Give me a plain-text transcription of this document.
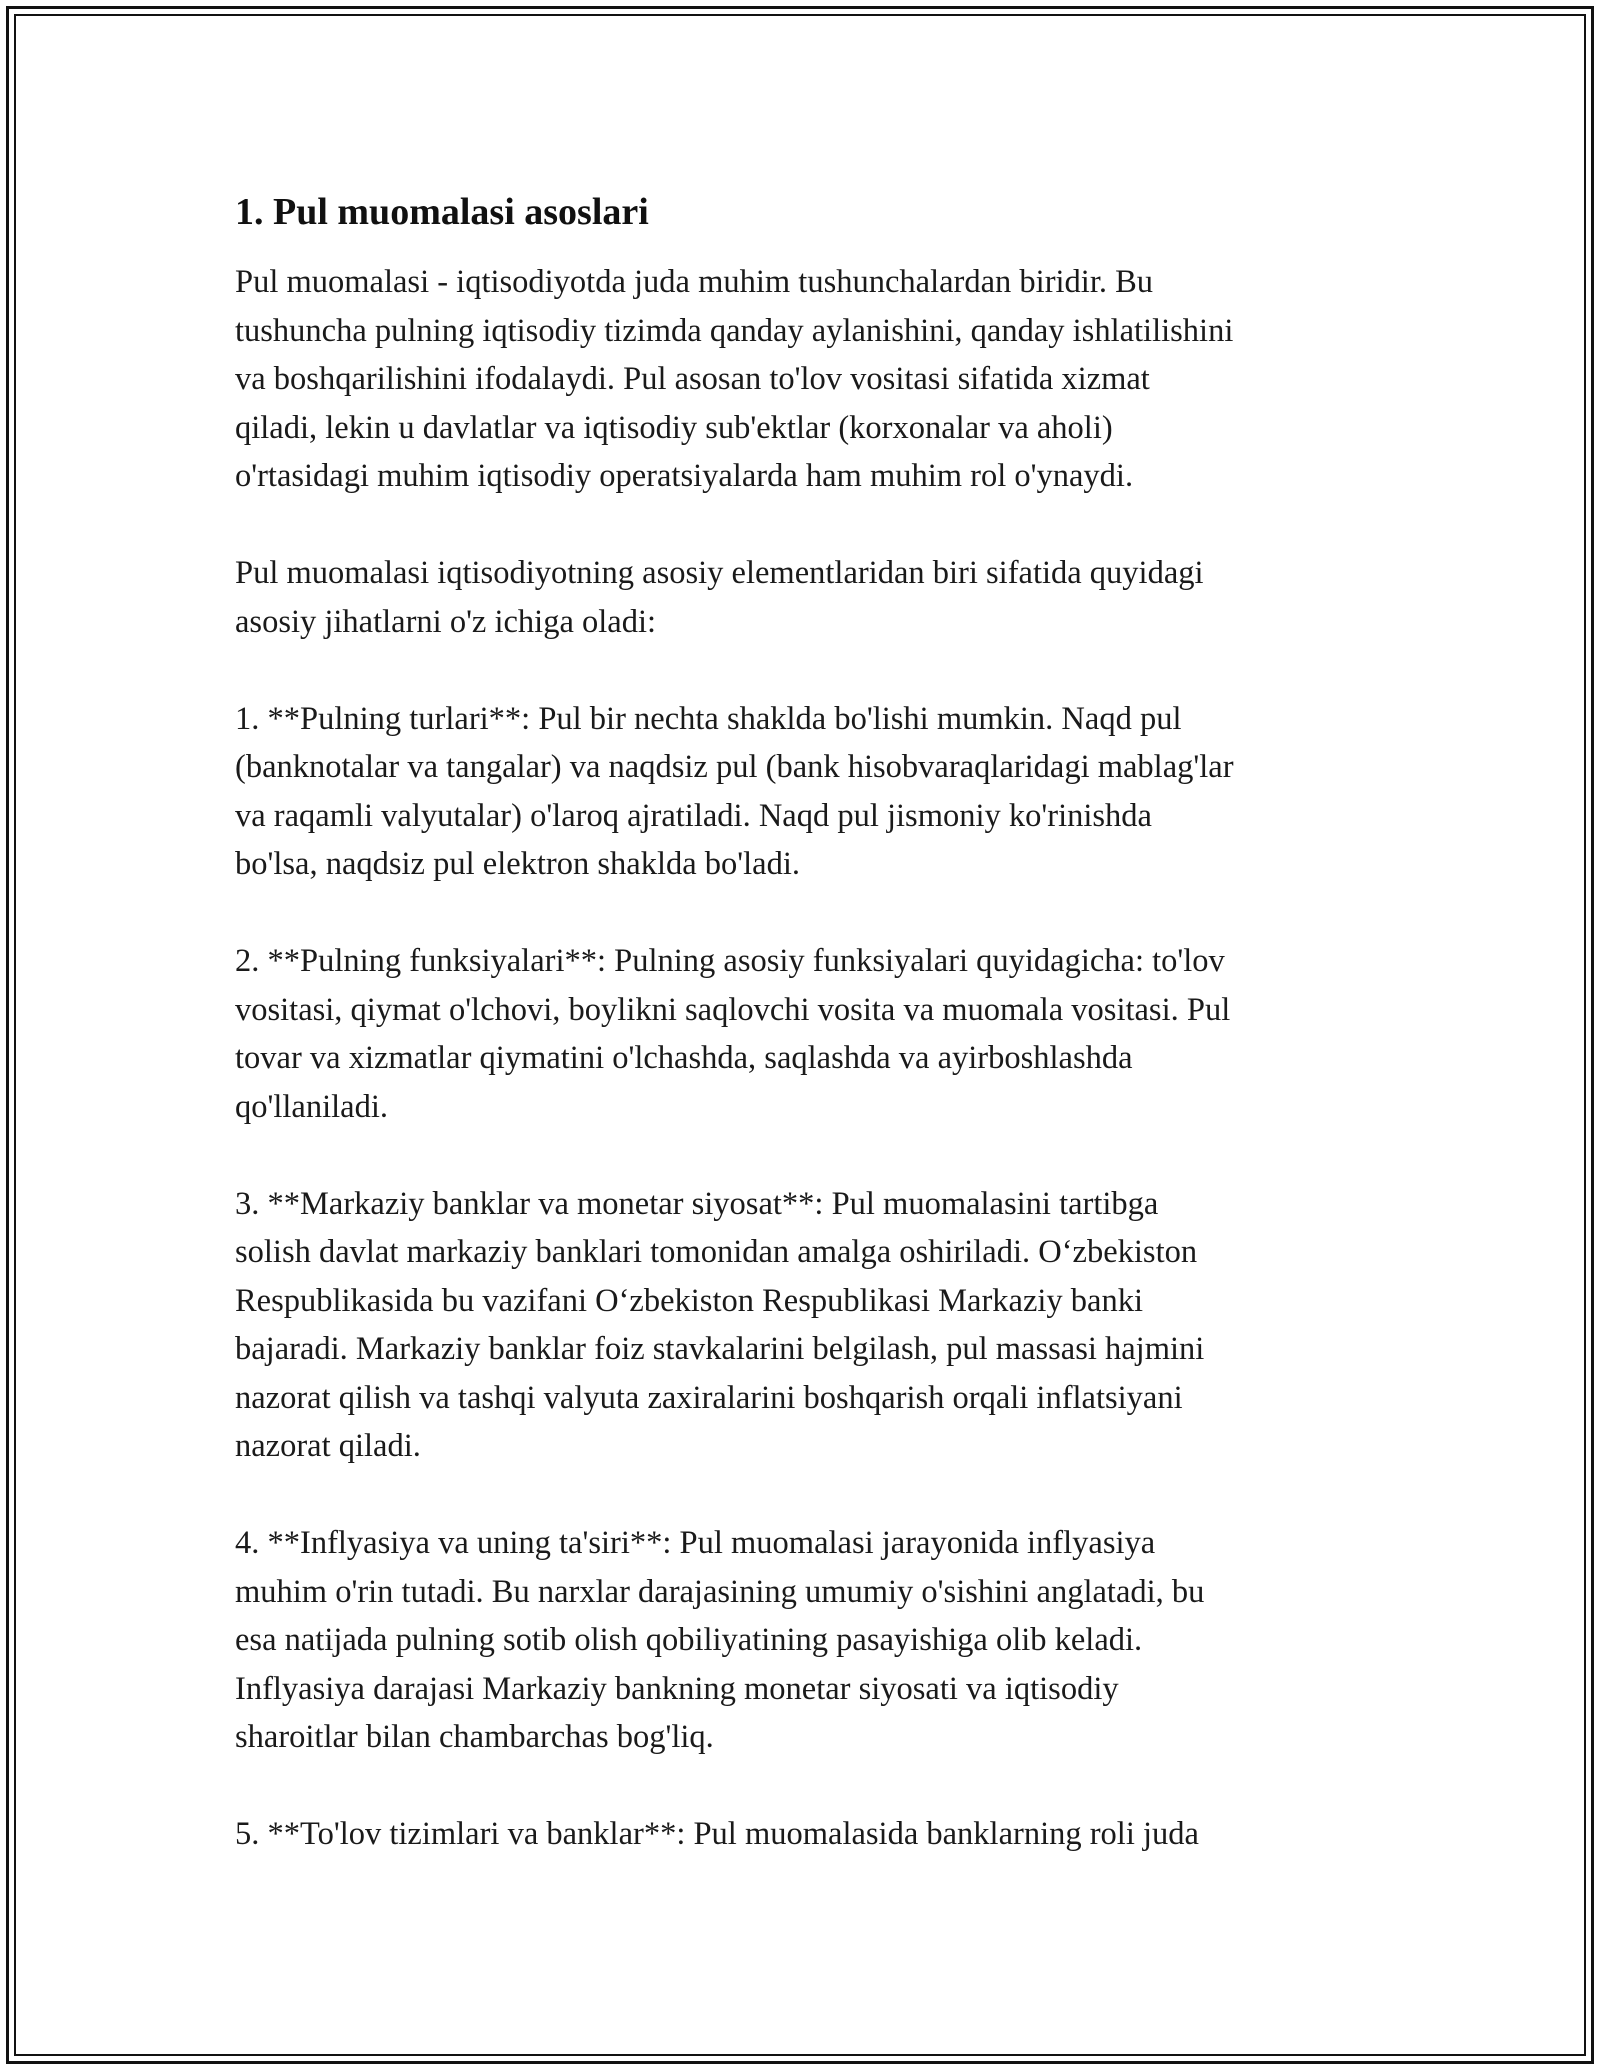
1. Pul muomalasi asoslari

Pul muomalasi - iqtisodiyotda juda muhim tushunchalardan biridir. Bu
tushuncha pulning iqtisodiy tizimda qanday aylanishini, qanday ishlatilishini
va boshqarilishini ifodalaydi. Pul asosan to'lov vositasi sifatida xizmat
qiladi, lekin u davlatlar va iqtisodiy sub'ektlar (korxonalar va aholi)
o'rtasidagi muhim iqtisodiy operatsiyalarda ham muhim rol o'ynaydi.

Pul muomalasi iqtisodiyotning asosiy elementlaridan biri sifatida quyidagi
asosiy jihatlarni o'z ichiga oladi:

1. **Pulning turlari**: Pul bir nechta shaklda bo'lishi mumkin. Naqd pul
(banknotalar va tangalar) va naqdsiz pul (bank hisobvaraqlaridagi mablag'lar
va raqamli valyutalar) o'laroq ajratiladi. Naqd pul jismoniy ko'rinishda
bo'lsa, naqdsiz pul elektron shaklda bo'ladi.

2. **Pulning funksiyalari**: Pulning asosiy funksiyalari quyidagicha: to'lov
vositasi, qiymat o'lchovi, boylikni saqlovchi vosita va muomala vositasi. Pul
tovar va xizmatlar qiymatini o'lchashda, saqlashda va ayirboshlashda
qo'llaniladi.

3. **Markaziy banklar va monetar siyosat**: Pul muomalasini tartibga
solish davlat markaziy banklari tomonidan amalga oshiriladi. O‘zbekiston
Respublikasida bu vazifani O‘zbekiston Respublikasi Markaziy banki
bajaradi. Markaziy banklar foiz stavkalarini belgilash, pul massasi hajmini
nazorat qilish va tashqi valyuta zaxiralarini boshqarish orqali inflatsiyani
nazorat qiladi.

4. **Inflyasiya va uning ta'siri**: Pul muomalasi jarayonida inflyasiya
muhim o'rin tutadi. Bu narxlar darajasining umumiy o'sishini anglatadi, bu
esa natijada pulning sotib olish qobiliyatining pasayishiga olib keladi.
Inflyasiya darajasi Markaziy bankning monetar siyosati va iqtisodiy
sharoitlar bilan chambarchas bog'liq.

5. **To'lov tizimlari va banklar**: Pul muomalasida banklarning roli juda
